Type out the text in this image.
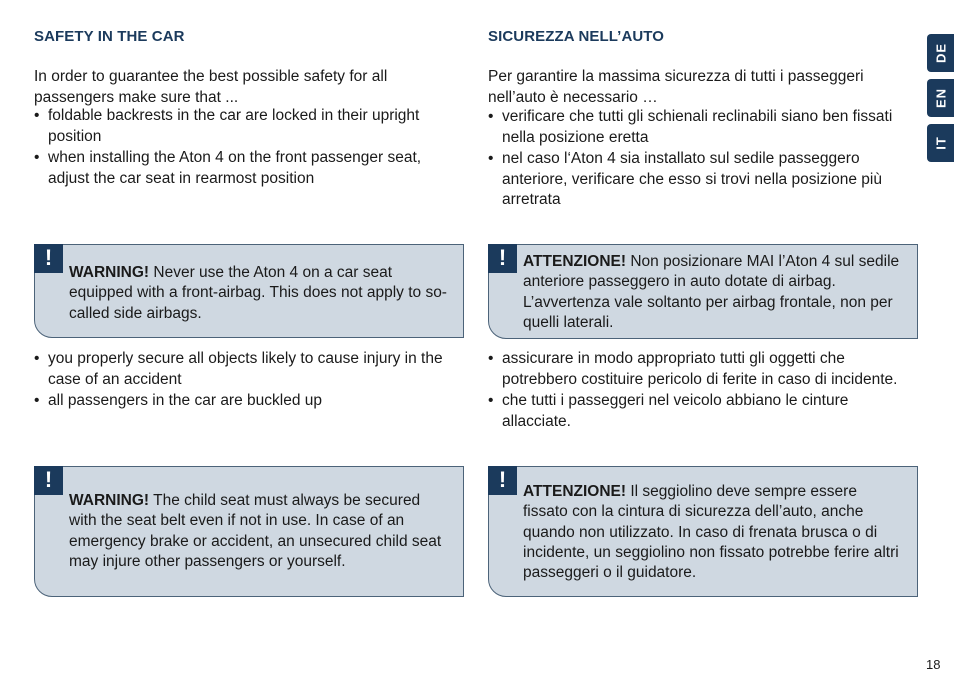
SAFETY IN THE CAR
In order to guarantee the best possible safety for all passengers make sure that ...
• foldable backrests in the car are locked in their upright position
• when installing the Aton 4 on the front passenger seat, adjust the car seat in rearmost position
!
WARNING! Never use the Aton 4 on a car seat equipped with a front-airbag. This does not apply to so-called side airbags.
• you properly secure all objects likely to cause injury in the case of an accident
• all passengers in the car are buckled up
!
WARNING! The child seat must always be secured with the seat belt even if not in use. In case of an emergency brake or accident, an unsecured child seat may injure other passengers or yourself.
SICUREZZA NELL’AUTO
Per garantire la massima sicurezza di tutti i passeggeri nell’auto è necessario …
• verificare che tutti gli schienali reclinabili siano ben fissati nella posizione eretta
• nel caso l‘Aton 4 sia installato sul sedile passeggero anteriore, verificare che esso si trovi nella posizione più arretrata
!	ATTENZIONE! Non posizionare MAI l’Aton 4 sul sedile anteriore passeggero in auto dotate di airbag. L’avvertenza vale soltanto per airbag frontale, non per quelli laterali.
• assicurare in modo appropriato tutti gli oggetti che potrebbero costituire pericolo di ferite in caso di incidente.
• che tutti i passeggeri nel veicolo abbiano le cinture allacciate.
!	ATTENZIONE! Il seggiolino deve sempre essere fissato con la cintura di sicurezza dell’auto, anche quando non utilizzato. In caso di frenata brusca o di incidente, un seggiolino non fissato potrebbe ferire altri passeggeri o il guidatore.
DE
EN
IT
18
